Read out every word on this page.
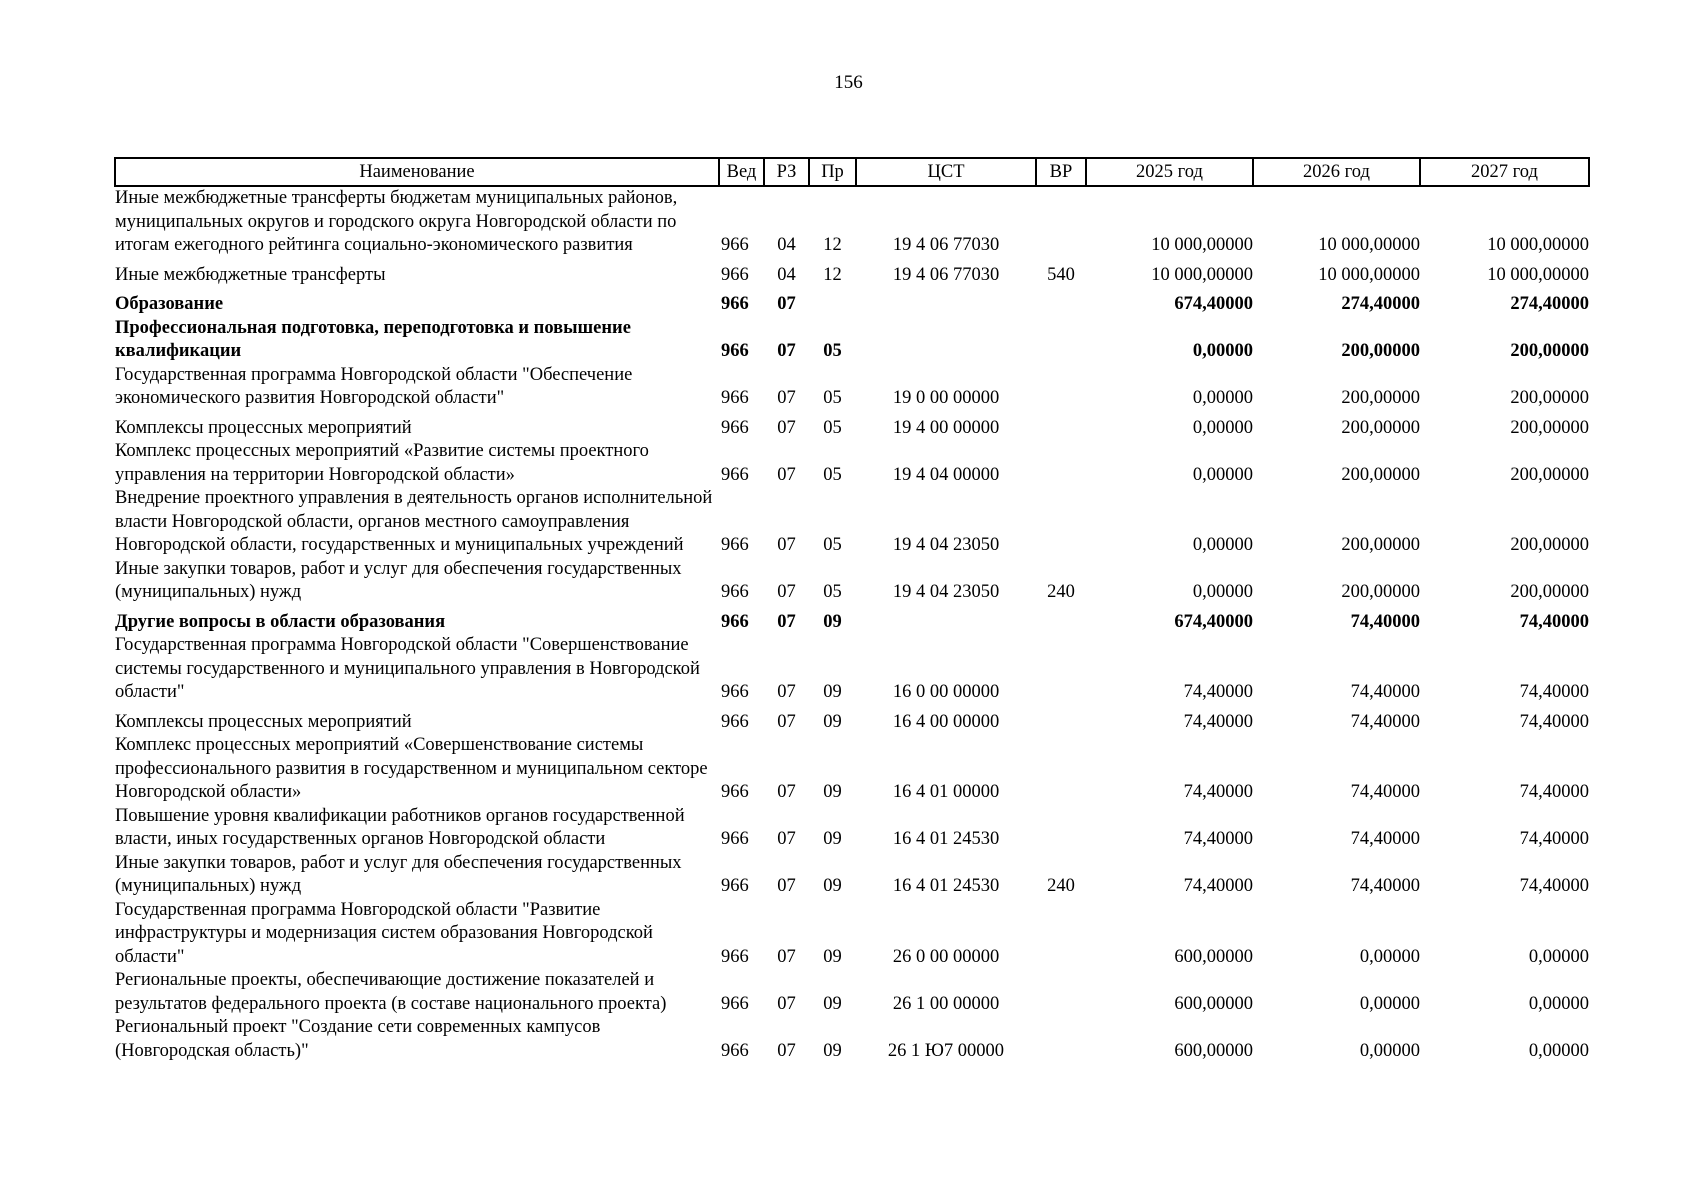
156
Наименование	Вед	РЗ	Пр	ЦСТ	ВР	2025 год	2026 год	2027 год
Иные межбюджетные трансферты бюджетам муниципальных районов, муниципальных округов и городского округа Новгородской области по итогам ежегодного рейтинга социально-экономического развития	966	04	12	19 4 06 77030		10 000,00000	10 000,00000	10 000,00000
Иные межбюджетные трансферты	966	04	12	19 4 06 77030	540	10 000,00000	10 000,00000	10 000,00000
Образование	966	07				674,40000	274,40000	274,40000
Профессиональная подготовка, переподготовка и повышение квалификации	966	07	05			0,00000	200,00000	200,00000
Государственная программа Новгородской области "Обеспечение экономического развития Новгородской области"	966	07	05	19 0 00 00000		0,00000	200,00000	200,00000
Комплексы процессных мероприятий	966	07	05	19 4 00 00000		0,00000	200,00000	200,00000
Комплекс процессных мероприятий «Развитие системы проектного управления на территории Новгородской области»	966	07	05	19 4 04 00000		0,00000	200,00000	200,00000
Внедрение проектного управления в деятельность органов исполнительной власти Новгородской области, органов местного самоуправления Новгородской области, государственных и муниципальных учреждений	966	07	05	19 4 04 23050		0,00000	200,00000	200,00000
Иные закупки товаров, работ и услуг для обеспечения государственных (муниципальных) нужд	966	07	05	19 4 04 23050	240	0,00000	200,00000	200,00000
Другие вопросы в области образования	966	07	09			674,40000	74,40000	74,40000
Государственная программа Новгородской области "Совершенствование системы государственного и муниципального управления в Новгородской области"	966	07	09	16 0 00 00000		74,40000	74,40000	74,40000
Комплексы процессных мероприятий	966	07	09	16 4 00 00000		74,40000	74,40000	74,40000
Комплекс процессных мероприятий «Совершенствование системы профессионального развития в государственном и муниципальном секторе Новгородской области»	966	07	09	16 4 01 00000		74,40000	74,40000	74,40000
Повышение уровня квалификации работников органов государственной власти, иных государственных органов Новгородской области	966	07	09	16 4 01 24530		74,40000	74,40000	74,40000
Иные закупки товаров, работ и услуг для обеспечения государственных (муниципальных) нужд	966	07	09	16 4 01 24530	240	74,40000	74,40000	74,40000
Государственная программа Новгородской области "Развитие инфраструктуры и модернизация систем образования Новгородской области"	966	07	09	26 0 00 00000		600,00000	0,00000	0,00000
Региональные проекты, обеспечивающие достижение показателей и результатов федерального проекта (в составе национального проекта)	966	07	09	26 1 00 00000		600,00000	0,00000	0,00000
Региональный проект "Создание сети современных кампусов (Новгородская область)"	966	07	09	26 1 Ю7 00000		600,00000	0,00000	0,00000
